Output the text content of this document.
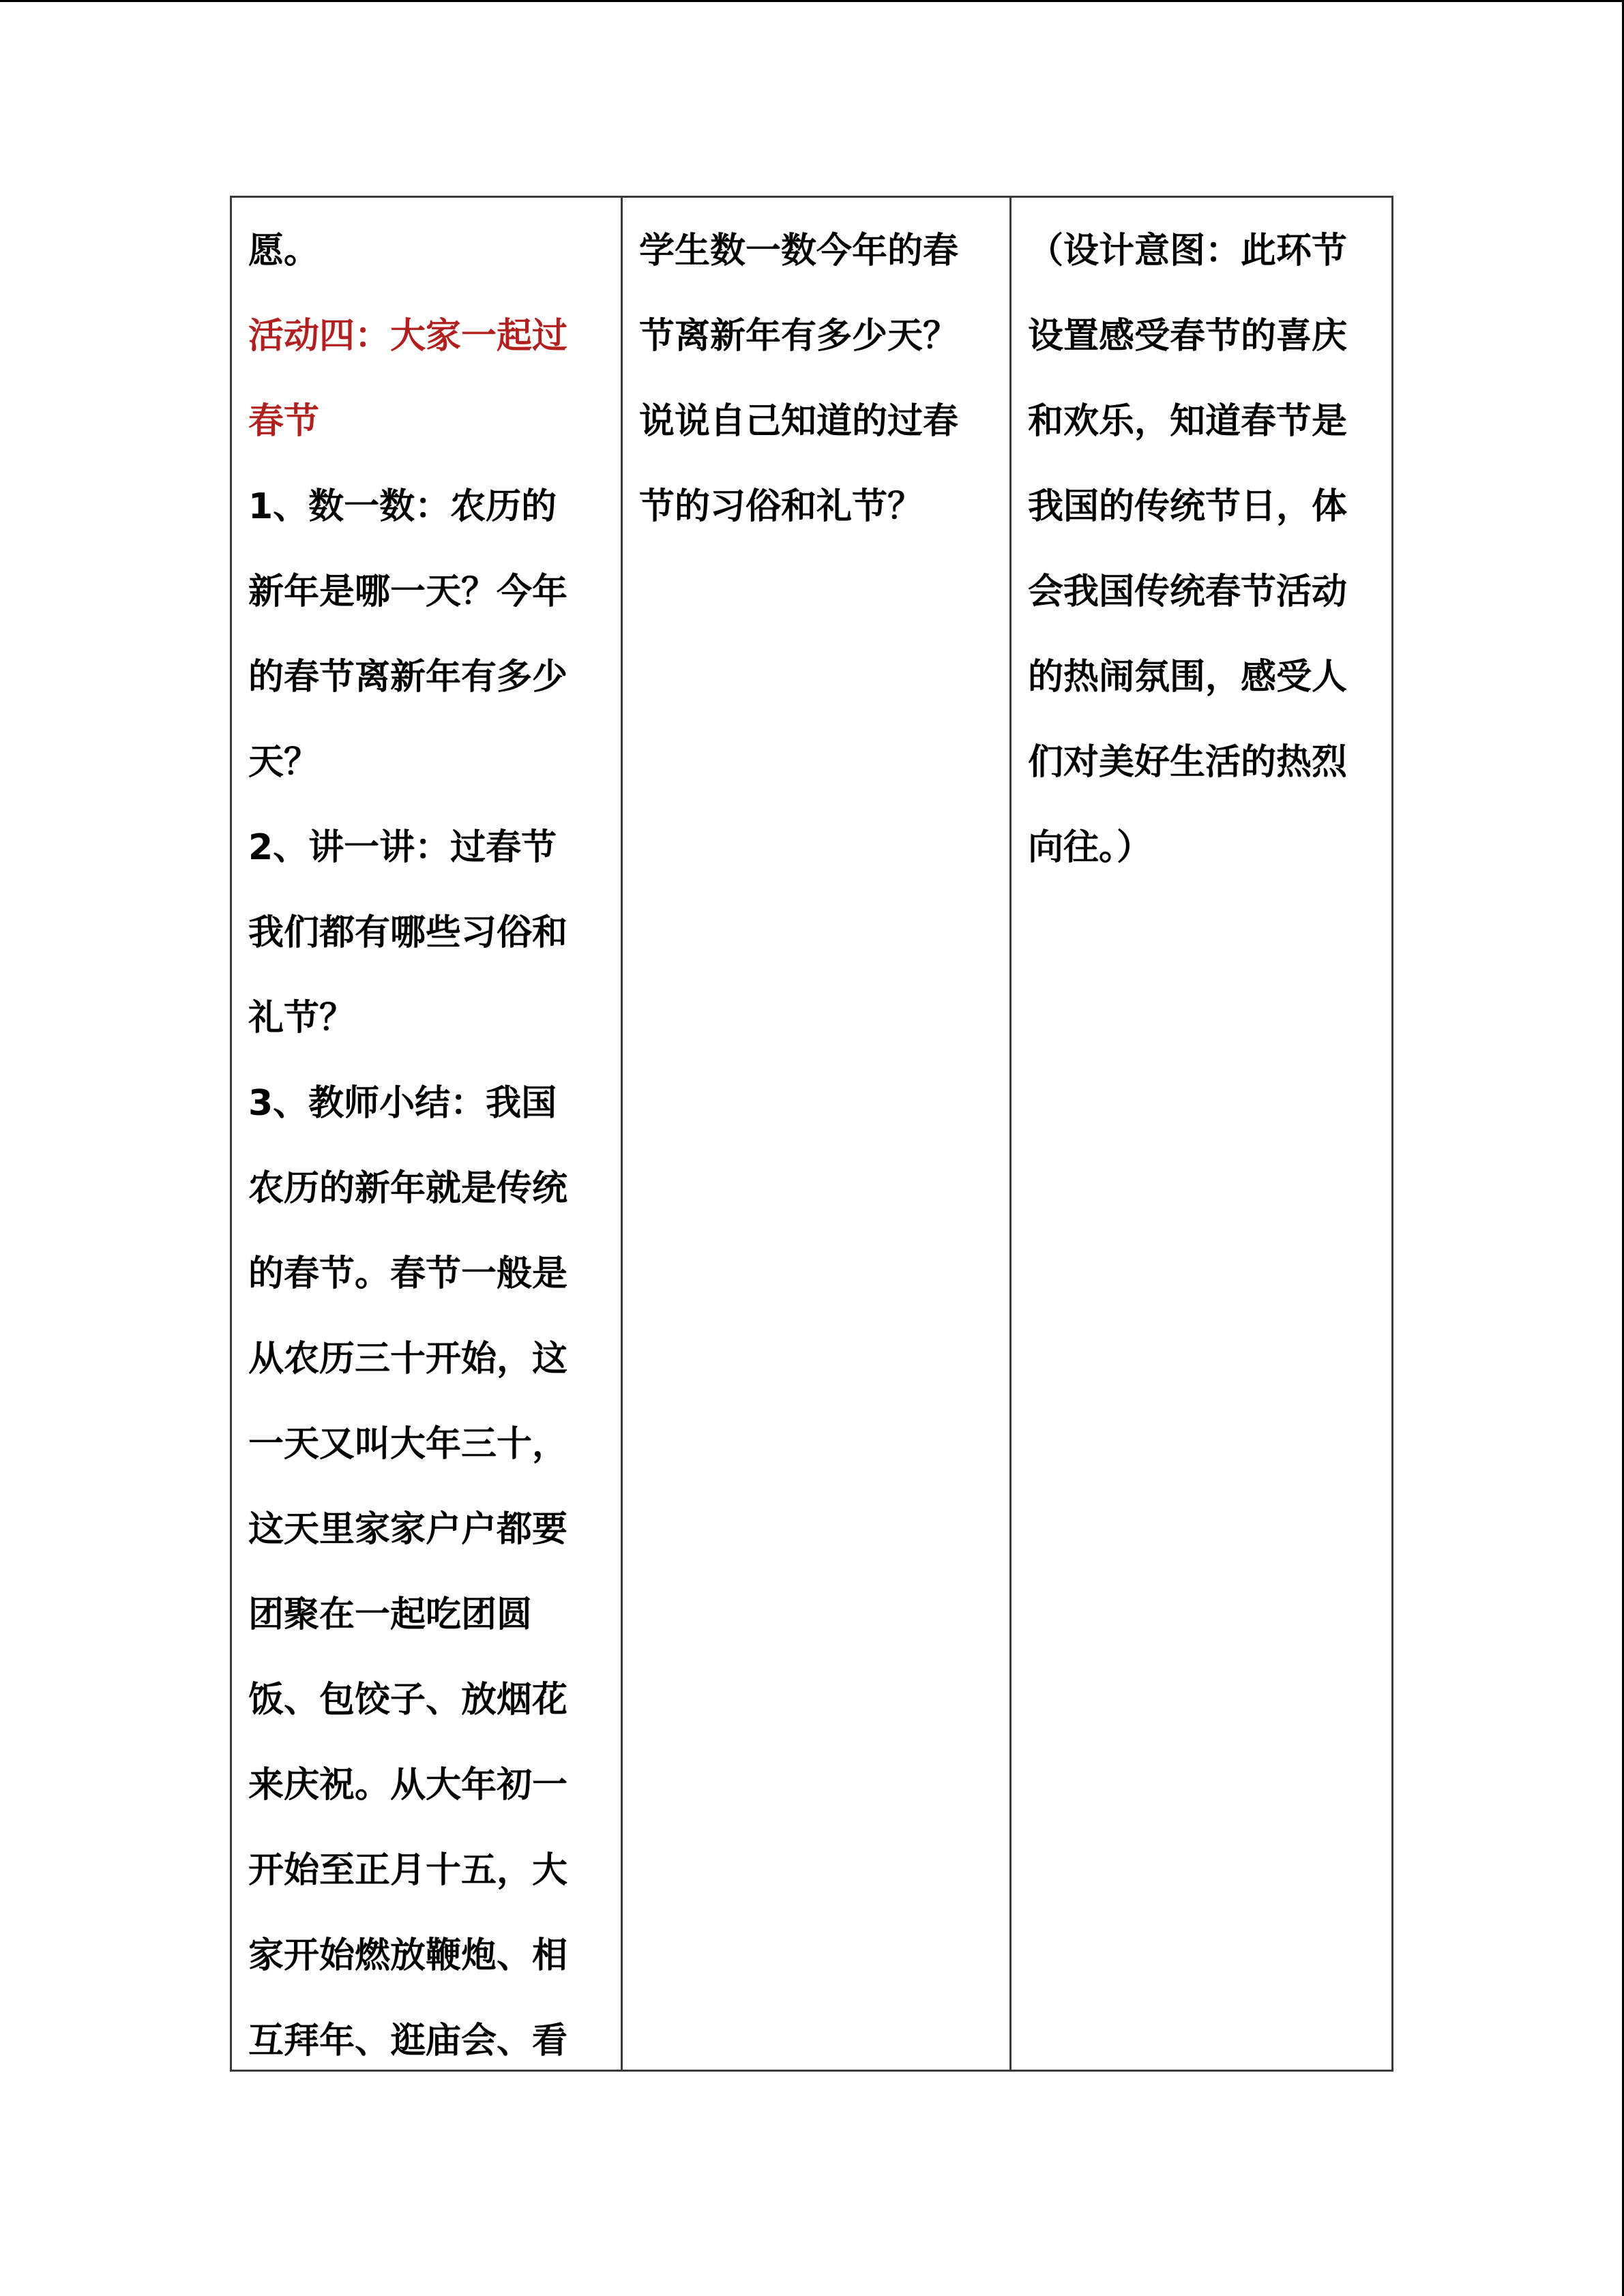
愿。
活动四：大家一起过
春节
1、数一数：农历的
新年是哪一天？今年
的春节离新年有多少
天？
2、讲一讲：过春节
我们都有哪些习俗和
礼节？
3、教师小结：我国
农历的新年就是传统
的春节。春节一般是
从农历三十开始，这
一天又叫大年三十，
这天里家家户户都要
团聚在一起吃团圆
饭、包饺子、放烟花
来庆祝。从大年初一
开始至正月十五，大
家开始燃放鞭炮、相
互拜年、逛庙会、看
学生数一数今年的春
节离新年有多少天？
说说自己知道的过春
节的习俗和礼节？
（设计意图：此环节
设置感受春节的喜庆
和欢乐，知道春节是
我国的传统节日，体
会我国传统春节活动
的热闹氛围，感受人
们对美好生活的热烈
向往。）
